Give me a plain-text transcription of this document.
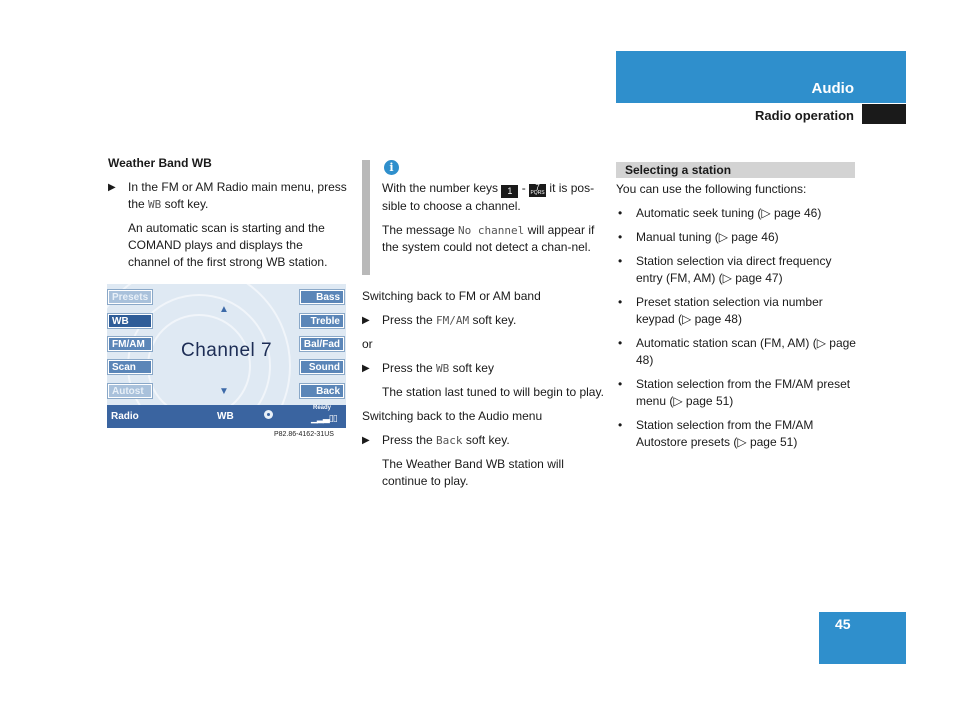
Audio
Radio operation

Weather Band WB

▶ In the FM or AM Radio main menu, press the WB soft key.

An automatic scan is starting and the COMAND plays and displays the channel of the first strong WB station.

Presets
WB
FM/AM
Scan
Autost
Bass
Treble
Bal/Fad
Sound
Back
▲
Channel 7
▼
Radio	WB
Ready
▁▂▃▯▯
P82.86-4162-31US
i

With the number keys 1 - 7
PQRS it is pos-sible to choose a channel.

The message No channel will appear if the system could not detect a chan-nel.

Switching back to FM or AM band

▶ Press the FM/AM soft key.

or

▶ Press the WB soft key

The station last tuned to will begin to play.

Switching back to the Audio menu

▶ Press the Back soft key.

The Weather Band WB station will continue to play.

Selecting a station

You can use the following functions:

• Automatic seek tuning (▷ page 46)
• Manual tuning (▷ page 46)
• Station selection via direct frequency entry (FM, AM) (▷ page 47)
• Preset station selection via number keypad (▷ page 48)
• Automatic station scan (FM, AM) (▷ page 48)
• Station selection from the FM/AM preset menu (▷ page 51)
• Station selection from the FM/AM Autostore presets (▷ page 51)
45
